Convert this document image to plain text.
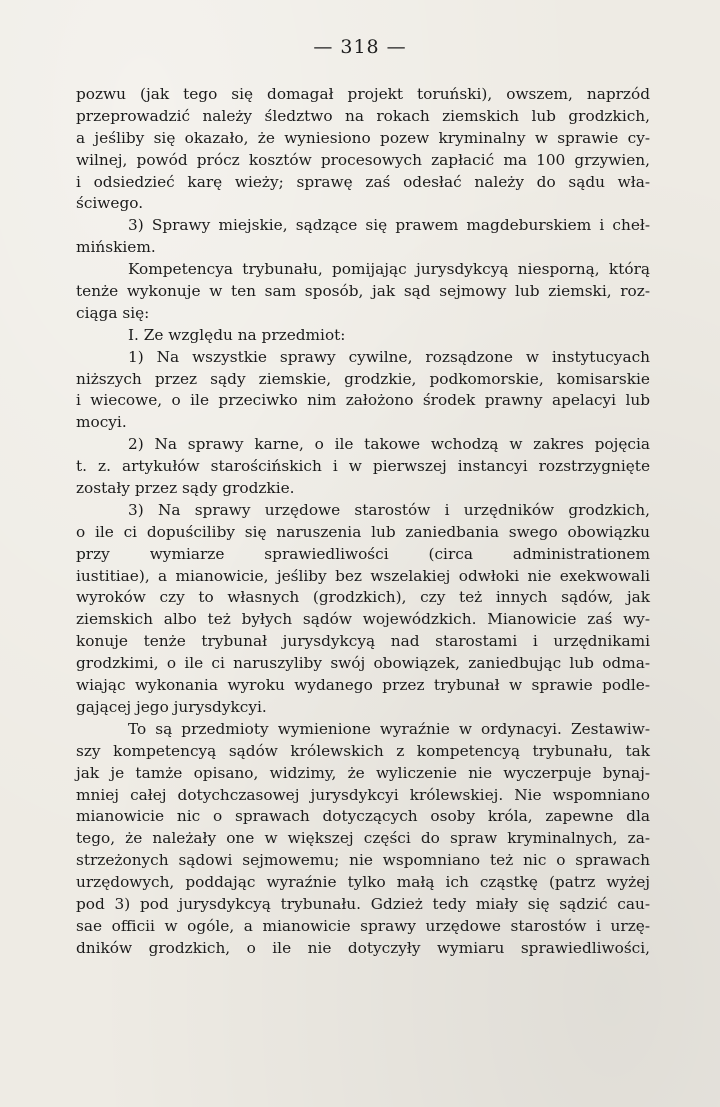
— 318 —
pozwu (jak tego się domagał projekt toruński), owszem, naprzód
przeprowadzić należy śledztwo na rokach ziemskich lub grodzkich,
a jeśliby się okazało, że wyniesiono pozew kryminalny w sprawie cy-
wilnej, powód prócz kosztów procesowych zapłacić ma 100 grzywien,
i odsiedzieć karę wieży; sprawę zaś odesłać należy do sądu wła-
ściwego.
3) Sprawy miejskie, sądzące się prawem magdeburskiem i cheł-
mińskiem.
Kompetencya trybunału, pomijając jurysdykcyą niesporną, którą
tenże wykonuje w ten sam sposób, jak sąd sejmowy lub ziemski, roz-
ciąga się:
I. Ze względu na przedmiot:
1) Na wszystkie sprawy cywilne, rozsądzone w instytucyach
niższych przez sądy ziemskie, grodzkie, podkomorskie, komisarskie
i wiecowe, o ile przeciwko nim założono środek prawny apelacyi lub
mocyi.
2) Na sprawy karne, o ile takowe wchodzą w zakres pojęcia
t. z. artykułów starościńskich i w pierwszej instancyi rozstrzygnięte
zostały przez sądy grodzkie.
3) Na sprawy urzędowe starostów i urzędników grodzkich,
o ile ci dopuściliby się naruszenia lub zaniedbania swego obowiązku
przy wymiarze sprawiedliwości (circa administrationem
iustitiae), a mianowicie, jeśliby bez wszelakiej odwłoki nie exekwowali
wyroków czy to własnych (grodzkich), czy też innych sądów, jak
ziemskich albo też byłych sądów wojewódzkich. Mianowicie zaś wy-
konuje tenże trybunał jurysdykcyą nad starostami i urzędnikami
grodzkimi, o ile ci naruszyliby swój obowiązek, zaniedbując lub odma-
wiając wykonania wyroku wydanego przez trybunał w sprawie podle-
gającej jego jurysdykcyi.
To są przedmioty wymienione wyraźnie w ordynacyi. Zestawiw-
szy kompetencyą sądów królewskich z kompetencyą trybunału, tak
jak je tamże opisano, widzimy, że wyliczenie nie wyczerpuje bynaj-
mniej całej dotychczasowej jurysdykcyi królewskiej. Nie wspomniano
mianowicie nic o sprawach dotyczących osoby króla, zapewne dla
tego, że należały one w większej części do spraw kryminalnych, za-
strzeżonych sądowi sejmowemu; nie wspomniano też nic o sprawach
urzędowych, poddając wyraźnie tylko małą ich cząstkę (patrz wyżej
pod 3) pod jurysdykcyą trybunału. Gdzież tedy miały się sądzić cau-
sae officii w ogóle, a mianowicie sprawy urzędowe starostów i urzę-
dników grodzkich, o ile nie dotyczyły wymiaru sprawiedliwości,
